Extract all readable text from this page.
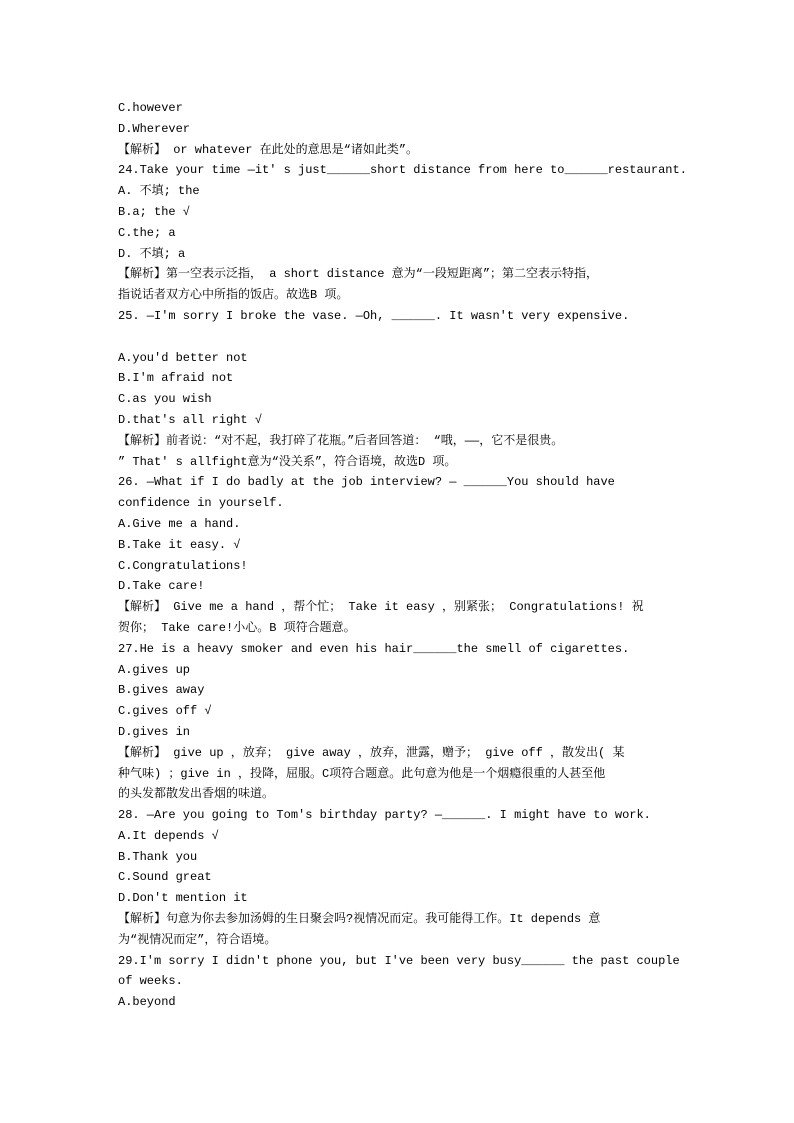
C.however
D.Wherever
【解析】 or whatever 在此处的意思是“诸如此类”。
24.Take your time —it' s just______short distance from here to______restaurant.
A. 不填; the
B.a; the √
C.the; a
D. 不填; a
【解析】第一空表示泛指， a short distance 意为“一段短距离”；第二空表示特指，
指说话者双方心中所指的饭店。故选B 项。
25. —I'm sorry I broke the vase. —Oh, ______. It wasn't very expensive.
A.you'd better not
B.I'm afraid not
C.as you wish
D.that's all right √
【解析】前者说：“对不起，我打碎了花瓶。”后者回答道： “哦，——，它不是很贵。
” That' s allfight意为“没关系”，符合语境，故选D 项。
26. —What if I do badly at the job interview? — ______You should have
confidence in yourself.
A.Give me a hand.
B.Take it easy. √
C.Congratulations!
D.Take care!
【解析】 Give me a hand ，帮个忙； Take it easy ，别紧张； Congratulations! 祝
贺你； Take care!小心。B 项符合题意。
27.He is a heavy smoker and even his hair______the smell of cigarettes.
A.gives up
B.gives away
C.gives off √
D.gives in
【解析】 give up ，放弃； give away ，放弃，泄露，赠予； give off ，散发出( 某
种气味) ；give in ，投降，屈服。C项符合题意。此句意为他是一个烟瘾很重的人甚至他
的头发都散发出香烟的味道。
28. —Are you going to Tom's birthday party? —______. I might have to work.
A.It depends √
B.Thank you
C.Sound great
D.Don't mention it
【解析】句意为你去参加汤姆的生日聚会吗?视情况而定。我可能得工作。It depends 意
为“视情况而定”，符合语境。
29.I'm sorry I didn't phone you, but I've been very busy______ the past couple
of weeks.
A.beyond
